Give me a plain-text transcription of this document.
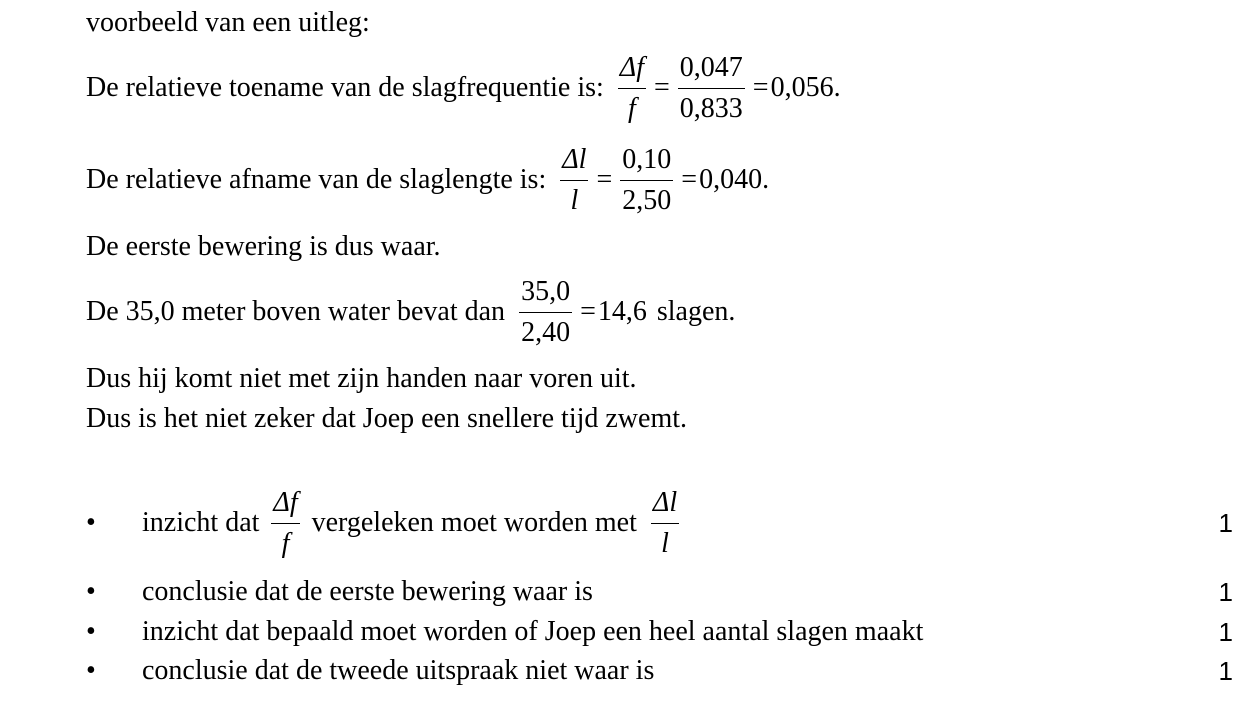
voorbeeld van een uitleg:
De relatieve toename van de slagfrequentie is: $\frac{\Delta f}{f} = \frac{0,047}{0,833} = 0,056$.
De relatieve afname van de slaglengte is: $\frac{\Delta l}{l} = \frac{0,10}{2,50} = 0,040$.
De eerste bewering is dus waar.
De 35,0 meter boven water bevat dan $\frac{35,0}{2,40} = 14,6$ slagen.
Dus hij komt niet met zijn handen naar voren uit.
Dus is het niet zeker dat Joep een snellere tijd zwemt.
•	inzicht dat $\frac{\Delta f}{f}$ vergeleken moet worden met $\frac{\Delta l}{l}$	1
•	conclusie dat de eerste bewering waar is	1
•	inzicht dat bepaald moet worden of Joep een heel aantal slagen maakt	1
•	conclusie dat de tweede uitspraak niet waar is	1
